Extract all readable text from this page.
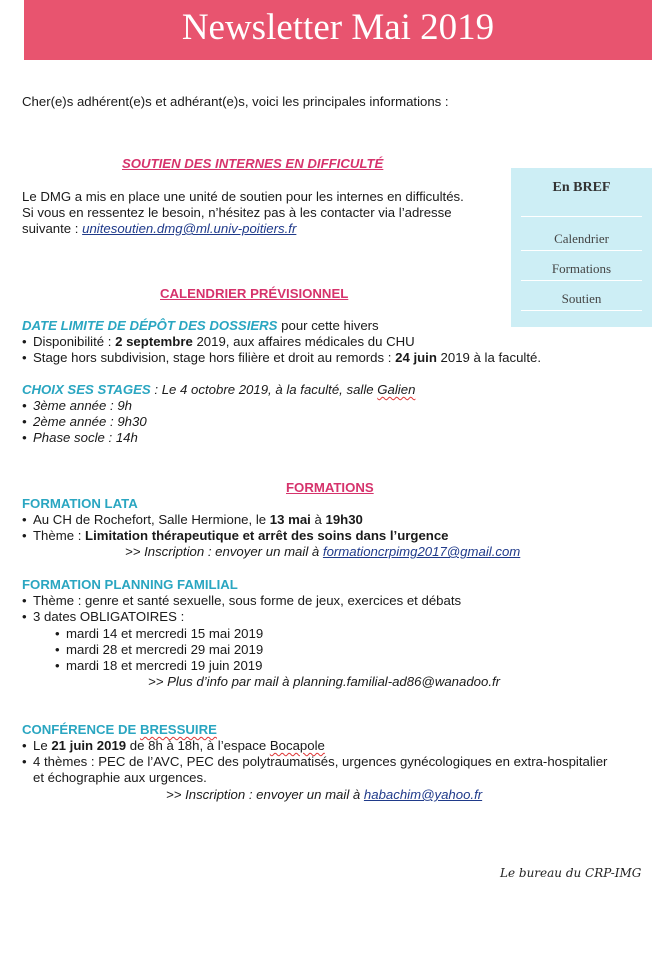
Newsletter Mai 2019
Cher(e)s adhérent(e)s et adhérant(e)s, voici les principales informations :
SOUTIEN DES INTERNES EN DIFFICULTÉ
Le DMG a mis en place une unité de soutien pour les internes en difficultés.
Si vous en ressentez le besoin, n’hésitez pas à les contacter via l’adresse
suivante : unitesoutien.dmg@ml.univ-poitiers.fr
En BREF
Calendrier
Formations
Soutien
CALENDRIER PRÉVISIONNEL
DATE LIMITE DE DÉPÔT DES DOSSIERS pour cette hivers
• Disponibilité : 2 septembre 2019, aux affaires médicales du CHU
• Stage hors subdivision, stage hors filière et droit au remords : 24 juin 2019 à la faculté.
CHOIX SES STAGES : Le 4 octobre 2019, à la faculté, salle Galien
• 3ème année : 9h
• 2ème année : 9h30
• Phase socle : 14h
FORMATIONS
FORMATION LATA
• Au CH de Rochefort, Salle Hermione, le 13 mai à 19h30
• Thème : Limitation thérapeutique et arrêt des soins dans l’urgence
>> Inscription : envoyer un mail à formationcrpimg2017@gmail.com
FORMATION PLANNING FAMILIAL
• Thème : genre et santé sexuelle, sous forme de jeux, exercices et débats
• 3 dates OBLIGATOIRES :
• mardi 14 et mercredi 15 mai 2019
• mardi 28 et mercredi 29 mai 2019
• mardi 18 et mercredi 19 juin 2019
>> Plus d’info par mail à planning.familial-ad86@wanadoo.fr
CONFÉRENCE DE BRESSUIRE
• Le 21 juin 2019 de 8h à 18h, à l’espace Bocapole
• 4 thèmes : PEC de l’AVC, PEC des polytraumatisés, urgences gynécologiques en extra-hospitalier
et échographie aux urgences.
>> Inscription : envoyer un mail à habachim@yahoo.fr
Le bureau du CRP-IMG
